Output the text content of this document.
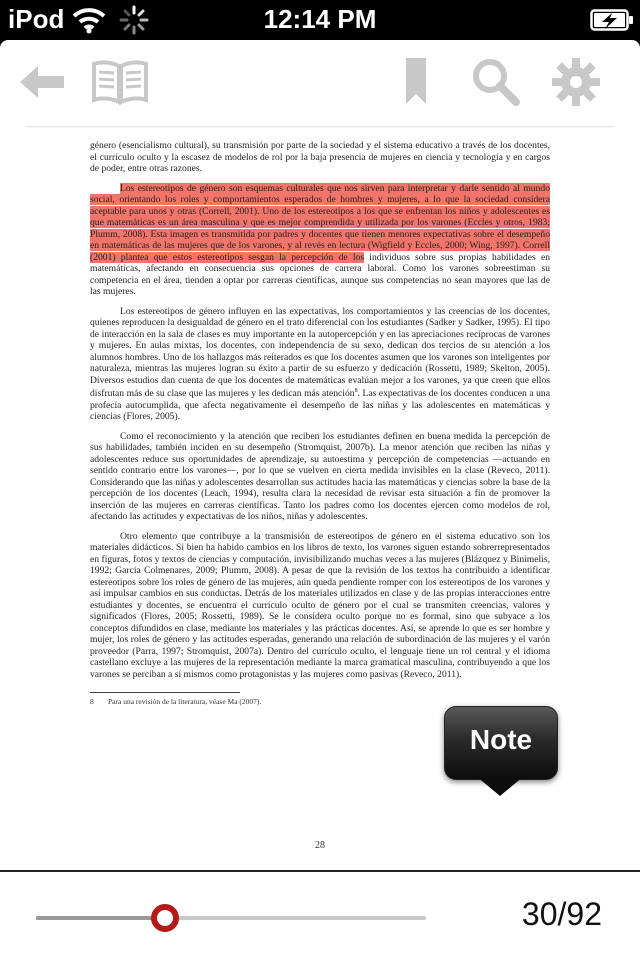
iPod	12:14 PM

género (esencialismo cultural), su transmisión por parte de la sociedad y el sistema educativo a través de los docentes, el currículo oculto y la escasez de modelos de rol por la baja presencia de mujeres en ciencia y tecnología y en cargos de poder, entre otras razones.

Los estereotipos de género son esquemas culturales que nos sirven para interpretar y darle sentido al mundo social, orientando los roles y comportamientos esperados de hombres y mujeres, a lo que la sociedad considera aceptable para unos y otras (Correll, 2001). Uno de los estereotipos a los que se enfrentan los niños y adolescentes es que matemáticas es un área masculina y que es mejor comprendida y utilizada por los varones (Eccles y otros, 1983; Plumm, 2008). Esta imagen es transmitida por padres y docentes que tienen menores expectativas sobre el desempeño en matemáticas de las mujeres que de los varones, y al revés en lectura (Wigfield y Eccles, 2000; Wing, 1997). Correll (2001) plantea que estos estereotipos sesgan la percepción de los individuos sobre sus propias habilidades en matemáticas, afectando en consecuencia sus opciones de carrera laboral. Como los varones sobreestiman su competencia en el área, tienden a optar por carreras científicas, aunque sus competencias no sean mayores que las de las mujeres.

Los estereotipos de género influyen en las expectativas, los comportamientos y las creencias de los docentes, quienes reproducen la desigualdad de género en el trato diferencial con los estudiantes (Sadker y Sadker, 1995). El tipo de interacción en la sala de clases es muy importante en la autopercepción y en las apreciaciones recíprocas de varones y mujeres. En aulas mixtas, los docentes, con independencia de su sexo, dedican dos tercios de su atención a los alumnos hombres. Uno de los hallazgos más reiterados es que los docentes asumen que los varones son inteligentes por naturaleza, mientras las mujeres logran su éxito a partir de su esfuerzo y dedicación (Rossetti, 1989; Skelton, 2005). Diversos estudios dan cuenta de que los docentes de matemáticas evalúan mejor a los varones, ya que creen que ellos disfrutan más de su clase que las mujeres y les dedican más atención$^8$. Las expectativas de los docentes conducen a una profecía autocumplida, que afecta negativamente el desempeño de las niñas y las adolescentes en matemáticas y ciencias (Flores, 2005).

Como el reconocimiento y la atención que reciben los estudiantes definen en buena medida la percepción de sus habilidades, también inciden en su desempeño (Stromquist, 2007b). La menor atención que reciben las niñas y adolescentes reduce sus oportunidades de aprendizaje, su autoestima y percepción de competencias —actuando en sentido contrario entre los varones—, por lo que se vuelven en cierta medida invisibles en la clase (Reveco, 2011). Considerando que las niñas y adolescentes desarrollan sus actitudes hacia las matemáticas y ciencias sobre la base de la percepción de los docentes (Leach, 1994), resulta clara la necesidad de revisar esta situación a fin de promover la inserción de las mujeres en carreras científicas. Tanto los padres como los docentes ejercen como modelos de rol, afectando las actitudes y expectativas de los niños, niñas y adolescentes.

Otro elemento que contribuye a la transmisión de estereotipos de género en el sistema educativo son los materiales didácticos. Si bien ha habido cambios en los libros de texto, los varones siguen estando sobrerrepresentados en figuras, fotos y textos de ciencias y computación, invisibilizando muchas veces a las mujeres (Blázquez y Binimelis, 1992; García Colmenares, 2009; Plumm, 2008). A pesar de que la revisión de los textos ha contribuido a identificar estereotipos sobre los roles de género de las mujeres, aún queda pendiente romper con los estereotipos de los varones y así impulsar cambios en sus conductas. Detrás de los materiales utilizados en clase y de las propias interacciones entre estudiantes y docentes, se encuentra el currículo oculto de género por el cual se transmiten creencias, valores y significados (Flores, 2005; Rossetti, 1989). Se le considera oculto porque no es formal, sino que subyace a los conceptos difundidos en clase, mediante los materiales y las prácticas docentes. Así, se aprende lo que es ser hombre y mujer, los roles de género y las actitudes esperadas, generando una relación de subordinación de las mujeres y el varón proveedor (Parra, 1997; Stromquist, 2007a). Dentro del currículo oculto, el lenguaje tiene un rol central y el idioma castellano excluye a las mujeres de la representación mediante la marca gramatical masculina, contribuyendo a que los varones se perciban a sí mismos como protagonistas y las mujeres como pasivas (Reveco, 2011).

8 Para una revisión de la literatura, véase Ma (2007).
28
Note
30/92
